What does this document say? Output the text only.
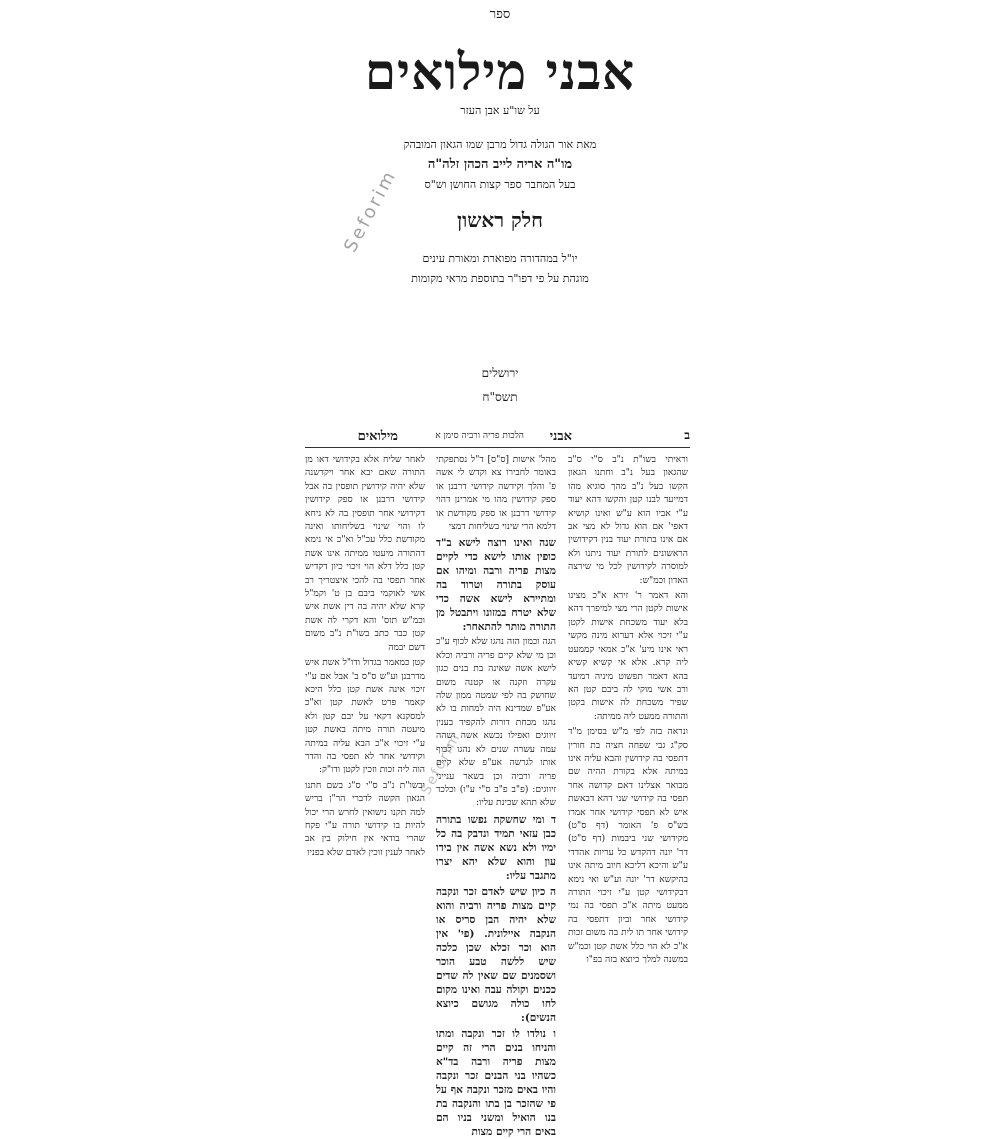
ספר
אבני מילואים
על שו"ע אבן העזר
מאת אור הגולה גדול מרבן שמו הגאון המובהק
מו"ה אריה לייב הכהן זלה"ה
בעל המחבר ספר קצות החושן וש"ס
חלק ראשון
יו"ל במהדורה מפוארת ומאורת עינים
מוגהת על פי דפו"ר בתוספת מראי מקומות
ירושלים
תשס"ח
Seforim
Seforim
ב
אבני
הלכות פריה ורביה סימן א
מילואים

וראיתי בשו"ת נ"ב ס"י ס"ב שהגאון בעל נ"ב וחתנו הגאון הקשו בעל נ"ב מהך סוגיא מהו דמייעד לבנו קטן והקשו דהא יעוד ע"י אביו הוא ע"ש ואינו קושיא דאפי' אם הוא גדול לא מצי אב אם אינו בתורת יעוד בנין דקידושין הראשונים לתורת יעוד ניתנו ולא למוסרה לקידושין לכל מי שירצה האדון וכמ"ש:

והא דאמר ר' זירא א"כ מצינו אישות לקטן הרי מצי למיפרך דהא בלא יעוד משכחת אישות לקטן ע"י זיכוי אלא דערוא מינה מקשי ראי אינו מיע' א"כ אמאי קממעט ליה קרא. אלא אי קשיא קשיא בהא דאמר תפשוט מיניה דמיעד ורב אשי מוקי לה ביבם קטן הא שפיר משכחת לה אישות בקטן והתורה ממעט ליה ממיתה:

ונראה בזה לפי מ"ש בסימן מ"ד סק"ג גבי שפחה חציה בת חורין דתפסי בה קידושין והבא עליה אינו במיתה אלא בקורת ההיה שם מבואר אצלינו דאם קדושה אחר תפסי בה קידושי שני דהא דבאשת איש לא תפסי קידושי אחר אמרו בש"ס פ' האומר (דף ס"ט) מקידושי שני ביבמות (דף ס"ט) דר' יונה דהקדש כל עריות אהדדי ע"ש והיכא דליכא חיוב מיתה אינו בהיקשא דר' יונה וע"ש ואי נימא דבקידושי קטן ע"י זיכוי התורה ממעט מיתה א"כ תפסי בה נמי קידושי אחר וביון דתפסי בה קידושי אחר תו לית בה משום זכות א"כ לא הוי כלל אשת קטן וכמ"ש במשנה למלך כיוצא בזה בפ"ו

מהל' אישות [ס"ס] ד"ל נסתפקתי באומר לחבירו צא וקדש לי אשה פ' והלך וקידשה קידושי דרבנן או ספק קידושין מהו מי אמרינן דהוי קידושי דרבנן או ספק מקודשת או דלמא הרי שינוי בשליחות דמצי

שנה ואינו רוצה לישא ב"ד כופין אותו לישא כדי לקיים מצות פריה ורבה ומיהו אם עוסק בתורה וטרוד בה ומתיירא לישא אשה כדי שלא יטרח במזונו ויתבטל מן התורה מותר להתאחר:

הגה וכמון הזה נהגו שלא לכוף ע"כ וכן מי שלא קיים פריה ורביה וכלא לישא אשה שאינה בת בנים כגון עקרה וזקנה או קטנה משום שחושק בה לפי שמטה ממון שלה אע"פ שמדינא היה למחות בו לא נהגו מכחת דורות להקפיד בענין זיווגים ואפילו נכשא אשה ושהה עמה עשרה שנים לא נהגו לכוף אותו לגרשה אע"פ שלא קיים פריה ורביה וכן בשאר ענייני זיווגים: (פ"ב פ"ב ס"י ע"ו) וכלכד שלא תהא שכינת עליו:

ד ומי שחשקה נפשו בתורה כבן עזאי תמיד ונדבק בה כל ימיו ולא נשא אשה אין בידו עון והוא שלא יהא יצרו מתגבר עליו:

ה כיון שיש לאדם זכר ונקבה קיים מצות פריה ורביה והוא שלא יהיה הבן סריס או הנקבה איילונית. (פי' אין הוא וכר זכלא שכן כלכה שיש ללשה טבע הוכר ושסמנים שם שאין לה שדים ככנים וקולה עבה ואינו מקום לחו כולה מגושם כיוצא הנשים):

ו נולדו לו זכר ונקבה ומתו והניחו בנים הרי זה קיים מצות פריה ורבה בד"א כשהיו בני הבנים זכר ונקבה והיו באים מזכר ונקבה אף על פי שהזכר בן בתו והנקבה בת בנו הואיל ומשני בניו הם באים הרי קיים מצות

לאחר שליח אלא בקידושי דאו מן התורה שאם יבא אחר ויקדשנה שלא יהיה קידושין תופסין בה אבל קידושי דרבנן או ספק קידושין דקידושי אחר תופסין בה לא ניחא לו והוי שינוי בשליחותו ואינה מקודשת כלל עכ"ל וא"כ אי נימא דהתורה מיעטו ממיתה אינו אשת קטן כלל דלא הוי זיכוי כיון דקדיש אחר תפסי בה להכי איצטריך רב אשי לאוקמי ביבם בן ט' וקמ"ל קרא שלא יהיה בה דין אשת איש וכמ"ש תוס' והא דקרי לה אשת קטן כבר כתב בשו"ת נ"ב משום דשם יבמה

קטן כמאמר בגדול ודו"ל אשת איש מדרבנן וע"ש ס"ס ב' אבל אם ע"י זיכוי אינה אשת קטן כלל היכא קאמר פרט לאשת קטן וא"כ למסקנא דקאי על יבם קטן ולא מיעטה תורה מיתה באשת קטן ע"י זיכוי א"כ הבא עליה במיתה וקידושי אחר לא תפסי בה והדר הוה ליה זכות וזכין לקטן ודו"ק:

ובשו"ת נ"ב ס"י ס"ג בשם חתנו הגאון הקשה לדברי הר"ן בריש למה תקנו נישואין לחרש הרי יכול להיות בו קידושי תורה ע"י פקח שהרי בודאי אין חילוק בין אב לאחר לענין זוכין לאדם שלא בפניו
